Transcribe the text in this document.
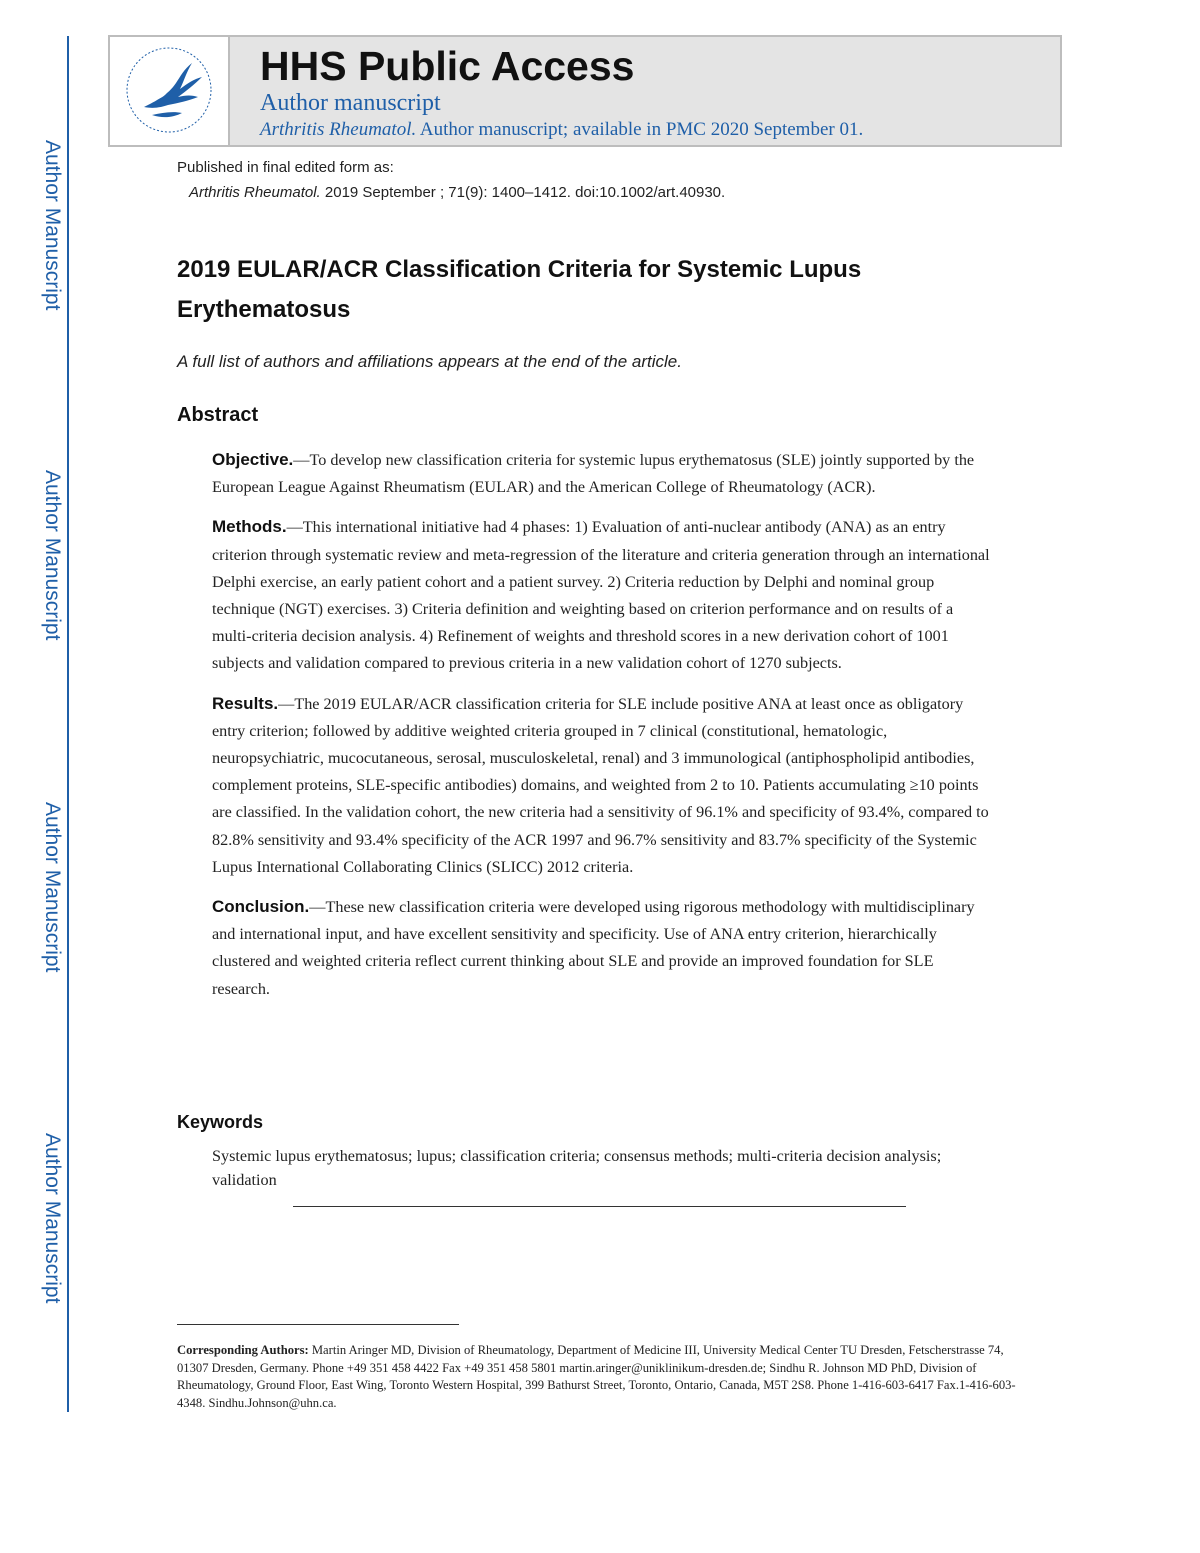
Author Manuscript
Author Manuscript
Author Manuscript
Author Manuscript
HHS Public Access
Author manuscript
Arthritis Rheumatol. Author manuscript; available in PMC 2020 September 01.
Published in final edited form as:
Arthritis Rheumatol. 2019 September ; 71(9): 1400–1412. doi:10.1002/art.40930.
2019 EULAR/ACR Classification Criteria for Systemic Lupus Erythematosus
A full list of authors and affiliations appears at the end of the article.
Abstract

Objective.—To develop new classification criteria for systemic lupus erythematosus (SLE) jointly supported by the European League Against Rheumatism (EULAR) and the American College of Rheumatology (ACR).

Methods.—This international initiative had 4 phases: 1) Evaluation of anti-nuclear antibody (ANA) as an entry criterion through systematic review and meta-regression of the literature and criteria generation through an international Delphi exercise, an early patient cohort and a patient survey. 2) Criteria reduction by Delphi and nominal group technique (NGT) exercises. 3) Criteria definition and weighting based on criterion performance and on results of a multi-criteria decision analysis. 4) Refinement of weights and threshold scores in a new derivation cohort of 1001 subjects and validation compared to previous criteria in a new validation cohort of 1270 subjects.

Results.—The 2019 EULAR/ACR classification criteria for SLE include positive ANA at least once as obligatory entry criterion; followed by additive weighted criteria grouped in 7 clinical (constitutional, hematologic, neuropsychiatric, mucocutaneous, serosal, musculoskeletal, renal) and 3 immunological (antiphospholipid antibodies, complement proteins, SLE-specific antibodies) domains, and weighted from 2 to 10. Patients accumulating ≥10 points are classified. In the validation cohort, the new criteria had a sensitivity of 96.1% and specificity of 93.4%, compared to 82.8% sensitivity and 93.4% specificity of the ACR 1997 and 96.7% sensitivity and 83.7% specificity of the Systemic Lupus International Collaborating Clinics (SLICC) 2012 criteria.

Conclusion.—These new classification criteria were developed using rigorous methodology with multidisciplinary and international input, and have excellent sensitivity and specificity. Use of ANA entry criterion, hierarchically clustered and weighted criteria reflect current thinking about SLE and provide an improved foundation for SLE research.

Keywords
Systemic lupus erythematosus; lupus; classification criteria; consensus methods; multi-criteria decision analysis; validation
Corresponding Authors: Martin Aringer MD, Division of Rheumatology, Department of Medicine III, University Medical Center TU Dresden, Fetscherstrasse 74, 01307 Dresden, Germany. Phone +49 351 458 4422 Fax +49 351 458 5801 martin.aringer@uniklinikum-dresden.de; Sindhu R. Johnson MD PhD, Division of Rheumatology, Ground Floor, East Wing, Toronto Western Hospital, 399 Bathurst Street, Toronto, Ontario, Canada, M5T 2S8. Phone 1-416-603-6417 Fax.1-416-603-4348. Sindhu.Johnson@uhn.ca.
